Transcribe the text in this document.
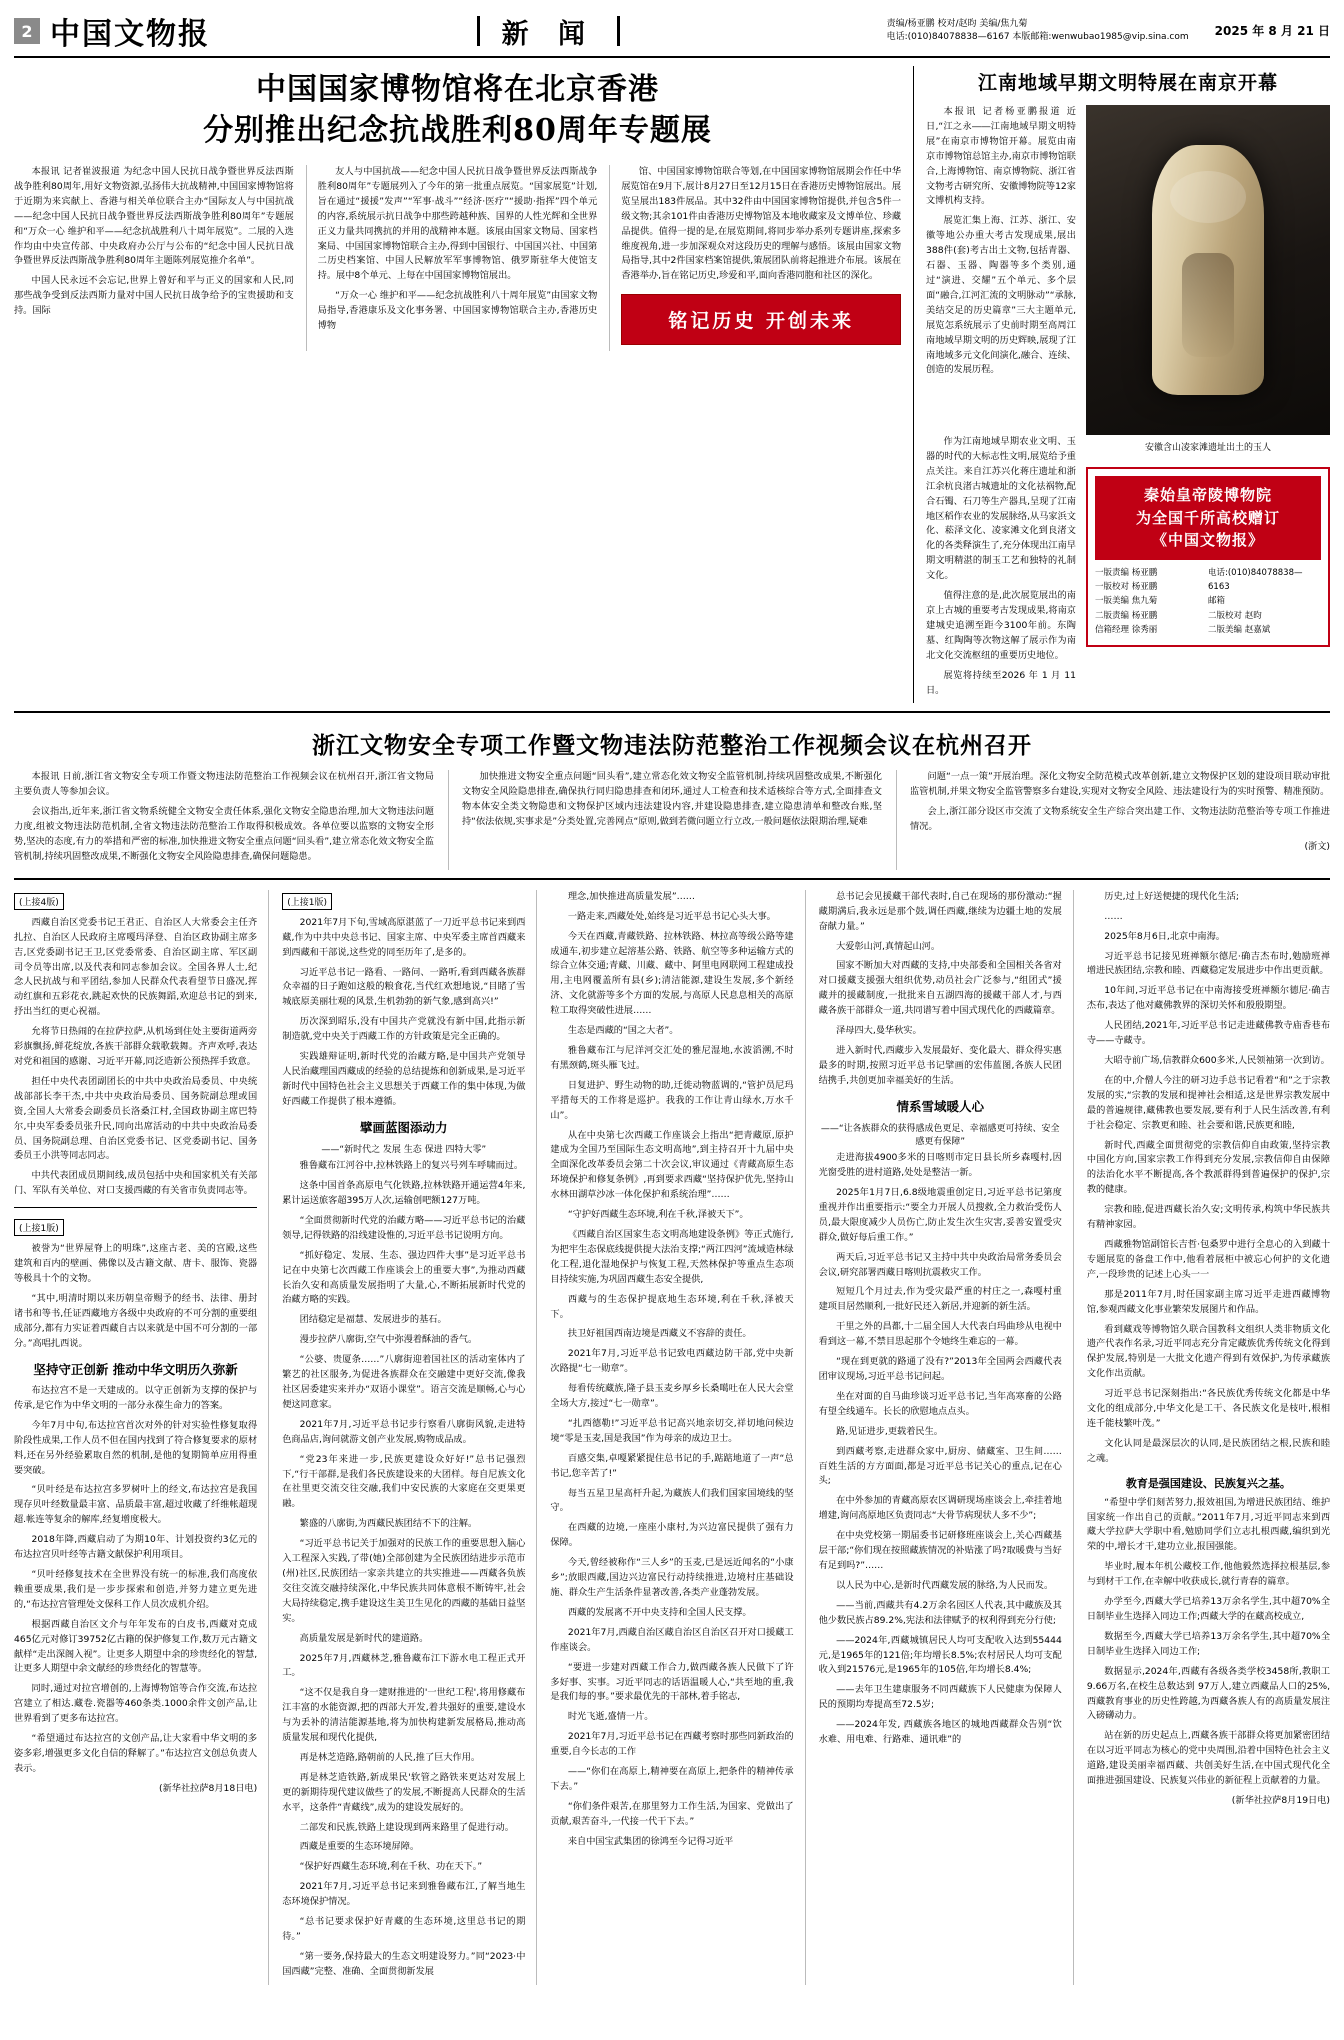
2 中国文物报	新 闻	责编/杨亚鹏 校对/赵昀 美编/焦九菊
电话:(010)84078838—6167 本版邮箱:wenwubao1985@vip.sina.com 2025 年 8 月 21 日
中国国家博物馆将在北京香港
分别推出纪念抗战胜利80周年专题展

本报讯 记者崔波报道 为纪念中国人民抗日战争暨世界反法西斯战争胜利80周年,用好文物资源,弘扬伟大抗战精神,中国国家博物馆将于近期为来宾献上、香港与相关单位联合主办“国际友人与中国抗战——纪念中国人民抗日战争暨世界反法西斯战争胜利80周年”专题展和“万众一心 维护和平——纪念抗战胜利八十周年展览”。二展的入选作均由中央宣传部、中央政府办公厅与公布的“纪念中国人民抗日战争暨世界反法西斯战争胜利80周年主题陈列展览推介名单”。

中国人民永远不会忘记,世界上曾好和平与正义的国家和人民,同那些战争受到反法西斯力量对中国人民抗日战争给予的宝贵援助和支持。国际

友人与中国抗战——纪念中国人民抗日战争暨世界反法西斯战争胜利80周年”专题展列入了今年的第一批重点展览。“国家展览”计划,旨在通过“援援”发声”“军事·战斗”“经济·医疗”“援助·指挥”四个单元的内容,系统展示抗日战争中那些跨越种族、国界的人性光辉和全世界正义力量共同携抗的并用的战精神本题。该展由国家文物局、国家档案局、中国国家博物馆联合主办,得到中国银行、中国国兴社、中国第二历史档案馆、中国人民解放军军事博物馆、俄罗斯驻华大使馆支持。展中8个单元、上每在中国国家博物馆展出。

“万众一心 维护和平——纪念抗战胜利八十周年展览”由国家文物局指导,香港康乐及文化事务署、中国国家博物馆联合主办,香港历史博物

馆、中国国家博物馆联合等划,在中国国家博物馆展期会作任中华展览馆在9月下,展计8月27日至12月15日在香港历史博物馆展出。展览呈展出183件展品。其中32件由中国国家博物馆提供,并包含5件一级文物;其余101件由香港历史博物馆及本地收藏家及文博单位、珍藏品提供。值得一提的是,在展览期间,将同步举办系列专题讲座,探索多维度视角,进一步加深观众对这段历史的理解与感悟。该展由国家文物局指导,其中2件国家档案馆提供,策展团队前将起推进介布展。该展在香港举办,旨在铭记历史,珍爱和平,面向香港同胞和社区的深化。

铭记历史 开创未来
江南地域早期文明特展在南京开幕

本报讯 记者杨亚鹏报道 近日,“江之永――江南地域早期文明特展”在南京市博物馆开幕。展览由南京市博物馆总馆主办,南京市博物馆联合,上海博物馆、南京博物院、浙江省文物考古研究所、安徽博物院等12家文博机构支持。

展览汇集上海、江苏、浙江、安徽等地公办重大考古发现成果,展出388件(套)考古出土文物,包括青器、石器、玉器、陶器等多个类别,通过“演进、交耀”五个单元、多个层面“融合,江河汇流的文明脉动”“承脉,美结交足的历史篇章”三大主题单元,展览怎系统展示了史前时期至高周江南地域早期文明的历史辉映,展现了江南地域多元文化间演化,融合、连续、创造的发展历程。

作为江南地域早期农业文明、玉器的时代的大标志性文明,展览给予重点关注。来自江苏兴化蒋庄遗址和浙江余杭良渚古城遗址的文化祛祸物,配合石镯、石刀等生产器具,呈现了江南地区稻作农业的发展脉络,从马家浜文化、菘泽文化、凌家滩文化到良渚文化的各类释演生了,充分体现出江南早期文明精湛的制玉工艺和独特的礼制文化。

值得注意的是,此次展览展出的南京上古城的重要考古发现成果,将南京建城史追溯至距今3100年前。东陶墓、红陶陶等次物这解了展示作为南北文化交流枢纽的重要历史地位。

展览将持续至2026 年 1 月 11 日。

安徽含山凌家滩遗址出土的玉人
秦始皇帝陵博物院
为全国千所高校赠订
《中国文物报》
一版责编 杨亚鹏
一版校对 杨亚鹏
一版美编 焦九菊
二版责编 杨亚鹏
信箱经理 徐秀丽
电话:(010)84078838—6163
邮箱
二版校对 赵昀
二版美编 赵嘉斌
浙江文物安全专项工作暨文物违法防范整治工作视频会议在杭州召开

本报讯 日前,浙江省文物安全专项工作暨文物违法防范整治工作视频会议在杭州召开,浙江省文物局主要负责人等参加会议。

会议指出,近年来,浙江省文物系统健全文物安全责任体系,强化文物安全隐患治理,加大文物违法问题力度,组被文物违法防范机制,全省文物违法防范整治工作取得积极成效。各单位要以监察的文物安全形势,坚决的态度,有力的举措和严密的标准,加快推进文物安全重点问题“回头看”,建立常态化效文物安全监管机制,持续巩固整改成果,不断强化文物安全风险隐患排查,确保问题隐患。

加快推进文物安全重点问题“回头看”,建立常态化效文物安全监管机制,持续巩固整改成果,不断强化文物安全风险隐患排查,确保执行同归隐患排查和闭环,通过人工检查和技术适核综合等方式,全面排查文物本体安全类文物隐患和文物保护区域内违法建设内容,并建设隐患排查,建立隐患清单和整改台账,坚持“依法依规,实事求是”分类处置,完善网点“原则,做到若微问题立行立改,一般问题依法限期治理,疑难

问题“一点一策”开展治理。深化文物安全防范模式改革创新,建立文物保护区划的建设项目联动审批监管机制,并果文物安全监管警察多台建设,实现对文物安全风险、违法建设行为的实时预警、精准预防。

会上,浙江部分设区市交流了文物系统安全生产综合突出建工作、文物违法防范整治等专项工作推进情况。

(浙文)

(上接4版)

西藏自治区党委书记王君正、自治区人大常委会主任齐扎拉、自治区人民政府主席嘎玛泽登、自治区政协副主席多吉,区党委副书记王卫,区党委常委、自治区副主席、军区副司令员等出席,以及代表和同志参加会议。全国各界人士,纪念人民抗战与和平团结,参加人民群众代表看望节日盛况,挥动红旗和五彩花衣,跳起欢快的民族舞蹈,欢迎总书记的到来,抒出当红的更心祝福。

允将节日热闹的在拉萨拉萨,从机场到住处主要街道两旁彩旗飘扬,鲜花绽放,各族干部群众载歌载舞。齐声欢呼,表达对党和祖国的感谢、习近平开幕,同泛造新公预热挥手致意。

担任中央代表团副团长的中共中央政治局委员、中央统战部部长李干杰,中共中央政治局委员、国务院副总理或国资,全国人大常委会副委员长洛桑江村,全国政协副主席巴特尔,中央军委委员张升民,同向出席活动的中共中央政治局委员、国务院副总理、自治区党委书记、区党委副书记、国务委员王小洪等同志同志。

中共代表团成员期间线,成员包括中央和国家机关有关部门、军队有关单位、对口支援西藏的有关省市负责同志等。

(上接1版)

被誉为“世界屋脊上的明珠”,这座古老、美的宫殿,这些建筑和百内的壁画、佛像以及古籍文献、唐卡、服饰、瓷器等极具十个的文物。

“其中,明清时期以来历朝皇帝赐予的经书、法律、册封诸书和等书,任证西藏地方各级中央政府的不可分割的重要组成部分,都有力实证着西藏自古以来就是中国不可分割的一部分。”高唱扎西说。

坚持守正创新 推动中华文明历久弥新

布达拉宫不是一天建成的。以守正创新为支撑的保护与传承,是它作为中华文明的一部分永葆生命力的答案。

今年7月中旬,布达拉宫首次对外的针对实验性修复取得阶段性成果,工作人员不但在国内找到了符合修复要求的原材料,还在另外经验累取自然的机制,是他的复期简单应用得重要突破。

“贝叶经是布达拉宫多罗树叶上的经文,布达拉宫是我国现存贝叶经数量最丰富、品质最丰富,超过收藏了纤维帐超现超.帐连等复余的解库,经复增度极大。

2018年降,西藏启动了为期10年、计划投资约3亿元的布达拉宫贝叶经等古籍文献保护利用项目。

“贝叶经修复技术在全世界没有统一的标准,我们高度依赖重要成果,我们是一步步探索和创造,并努力建立更先进的,“布达拉宫管理处文保科工作人员次成机介绍。

根据西藏自治区文介与年年发布的白皮书,西藏对克成465亿元对修订39752亿古籍的保护修复工作,数万元古籍文献样“走出深阁入视”。让更多人期望中余的珍贵经化的智慧,让更多人期望中余文献经的珍贵经化的智慧等。

同时,通过对拉宫增创的,上海博物馆等合作交流,布达拉宫建立了相达.藏卷.瓷器等460条类.1000余件文创产品,让世界看到了更多布达拉宫。

“希望通过布达拉宫的文创产品,让大家看中华文明的多姿多彩,增强更多文化自信的释解了。”布达拉宫文创总负责人表示。

(新华社拉萨8月18日电)

(上接1版)

2021年7月下旬,雪域高原湛蓝了一刀近平总书记来到西藏,作为中共中央总书记、国家主席、中央军委主席首西藏来到西藏和干部说,这些党的同至历年了,是多的。

习近平总书记一路看、一路问、一路听,看到西藏各族群众幸福的日子跑如这般的粮食花,当代红欢想地说,“目睹了雪城底原美丽壮观的风景,生机勃勃的新气象,感到高兴!”

历次深到昭乐,没有中国共产党就没有新中国,此指示新制造就,党中央关于西藏工作的方针政策是完全正确的。

实践雄辩证明,新时代党的治藏方略,是中国共产党领导人民治藏理国西藏成的经验的总结提炼和创新成果,是习近平新时代中国特色社会主义思想关于西藏工作的集中体现,为做好西藏工作提供了根本遵循。

擘画蓝图添动力
——“新时代之 发展 生态 保进 四特大零”

雅鲁藏布江河谷中,拉林铁路上的复兴号列车呼啸而过。

这条中国首条高原电气化铁路,拉林铁路开通运营4年来,累计运送旅客超395万人次,运输创吧额127万吨。

“全面贯彻新时代党的治藏方略——习近平总书记的治藏领导,记得铁路的沿线建设惟的,习近平总书记说明方向。

“抓好稳定、发展、生态、强边四件大事”是习近平总书记在中央第七次西藏工作座谈会上的重要大事”,为推动西藏长治久安和高质量发展指明了大量,心,不断拓展新时代党的治藏方略的实践。

团结稳定是福慧、发展进步的基石。

漫步拉萨八廓街,空气中弥漫着酥油的香气。

“公婆、贵厦条……”八廓街迎着国社区的活动室体内了繁艺的社区服务,为促进各族群众在交融建中更好交流,像我社区居委建实来并办“双语小课堂”。语言交流是顺畅,心与心便这同意家。

2021年7月,习近平总书记步行察看八廓街风貌,走进特色商品店,询问就游文创产业发展,购物成品成。

“党23年来进一步,民族更建设众好好!”总书记强烈下,“行干部群,是我们各民族建设来的大团样。每自尼族文化在社里更交流交往交融,我们中安民族的大家庭在交更果更融。

繁盛的八廓街,为西藏民族团结不下的注解。

“习近平总书记关于加强对的民族工作的重要思想入脑心入工程深入实践,了带(她)全部创建为全民族团结进步示范市(州)社区,民族团结一家亲共建立的共实推进——西藏各负族交往交流交融持续深化,中华民族共同体意根不断铸牢,社会大局持续稳定,携手建设这生美卫生见化的西藏的基础日益坚实。

高质量发展是新时代的建道路。

2025年7月,西藏林芝,雅鲁藏布江下游水电工程正式开工。

“这不仅是我自身一建财推进的'一世纪工程',将用修藏布江丰富的水能资源,把的西部大开发,着共强好的重要,建设水与为丢补的清洁能源基地,将为加快构建新发展格局,推动高质量发展和现代化提供,

再是林芝造路,路朝前的人民,推了巨大作用。

再是林芝造铁路,新成果民'软管之路铁来更达对发展上更的新期待现代建议做些了的发展,不断提高人民群众的生活水平，这条件“青藏线”,成为的建设发展好的。

二部发和民族,铁路上建设现到两来路里了促进行动。

西藏是重要的生态环境屏障。

“保护好西藏生态环境,利在千秋、功在天下。”

2021年7月,习近平总书记来到雅鲁藏布江,了解当地生态环境保护情况。

“总书记要求保护好青藏的生态环境,这里总书记的期待。”

“第一要务,保持最大的生态文明建设努力。”同“2023·中国西藏”完整、准确、全面贯彻新发展

理念,加快推进高质量发展”……

一路走来,西藏处处,始终是习近平总书记心头大事。

今天在西藏,青藏铁路、拉林铁路、林拉高等级公路等建成通车,初步建立起溶基公路、铁路、航空等多种运输方式的综合立体交通;青藏、川藏、藏中、阿里电网联网工程建成投用,主电网覆盖所有县(乡);清洁能源,建设生发展,多个新经济、文化就游等多个方面的发展,与高原人民息息相关的高原粒工取得突破性进展……

生态是西藏的“国之大者”。

雅鲁藏布江与尼洋河交汇处的雅尼湿地,水波滔溯,不时有黑颈鹤,斑头雁飞过。

日复进护、野生动物的助,迁徙动物蓝调的,“管护员尼玛平措每天的工作将是巡护。我我的工作让青山绿水,万水千山”。

从在中央第七次西藏工作座谈会上指出“把青藏原,原护建成为全国乃至国际生态文明高地”,到主持召开十九届中央全面深化改革委员会第二十次会议,审议通过《青藏高原生态环境保护和修复条例》,再到要求西藏“坚持保护优先,坚持山水林田湖草沙冰一体化保护和系统治理”……

“守护好西藏生态环境,利在千秋,泽被天下”。

《西藏自治区国家生态文明高地建设条例》等正式施行,为把牢生态保底线提供提大法治支撑;“两江四河”流域造林绿化工程,退化湿地保护与恢复工程,天然林保护等重点生态项目持续实施,为巩固西藏生态安全提供,

西藏与的生态保护提底地生态环境,利在千秋,泽被天下。

扶卫好祖国西南边境是西藏义不容辞的责任。

2021年7月,习近平总书记致电西藏边防干部,党中央新次路提“七一勋章”。

每看传统藏族,隆子县玉麦乡厚乡长桑噶吐在人民大会堂全场大方,接过“七一勋章”。

“扎西德勒!”习近平总书记高兴地亲切交,祥切地问候边境“零是玉麦,国是我国”作为母亲的成边卫士。

百感交集,卓嘎紧紧提住总书记的手,踮踮地道了一声“总书记,您辛苦了!”

每当五星卫星高杆升起,为藏族人们我们国家国境线的坚守。

在西藏的边境,一座座小康村,为兴边富民提供了强有力保障。

今天,曾经被称作“三人乡”的玉麦,已是远近闻名的“小康乡”;放眼西藏,国边兴边富民行动持续推进,边境村庄基础设施、群众生产生活条件显著改善,各类产业蓬勃发展。

西藏的发展离不开中央支持和全国人民支撑。

2021年7月,西藏自治区藏自治区自治区召开对口援藏工作座谈会。

“要进一步建对西藏工作合力,做西藏各族人民做下了许多好事、实事。习近平同志的话语温暖人心,“共至地的重,我是我们每的事。”要求最优先的干部林,着手铭志,

时光飞逝,盛情一片。

2021年7月,习近平总书记在西藏考察时那些同新政治的重要,自今长志的工作

——“你们在高原上,精神要在高原上,把条件的精神传承下去。”

“你们条件艰苦,在那里努力工作生活,为国家、党做出了贡献,艰苦奋斗,一代接一代干下去。”

来自中国宝武集团的徐鸿至今记得习近平

总书记会见援藏干部代表时,自己在现场的那份激动:“握藏期满后,我永远是那个鼓,调任西藏,继续为边疆土地的发展奋献力量。”

大爱彰山河,真情起山河。

国家不断加大对西藏的支持,中央部委和全国相关各省对对口援藏支援强大组织优势,动员社会广泛参与,“组团式”援藏并的援藏制度,一批批来自五湖四海的援藏干部人才,与西藏各族干部群众一道,共同谱写着中国式现代化的西藏篇章。

泽母四大,曼华秋实。

进入新时代,西藏步入发展最好、变化最大、群众得实惠最多的时期,按照习近平总书记擘画的宏伟蓝图,各族人民团结携手,共创更加幸福美好的生活。

情系雪域暖人心
——“让各族群众的获得感成色更足、幸福感更可持续、安全感更有保障”

走进海拔4900多米的日喀则市定日县长所乡森嘎村,因光窗受胜的进村道路,处处是整洁一新。

2025年1月7日,6.8级地震重创定日,习近平总书记第度重视并作出重要指示:“要全力开展人员搜救,全力救治受伤人员,最大限度减少人员伤亡,防止发生次生灾害,妥善安置受灾群众,做好每后重工作。”

两天后,习近平总书记又主持中共中央政治局常务委员会会议,研究部署西藏日喀则抗震救灾工作。

短短几个月过去,作为受灾最严重的村庄之一,森嘎村重建项目居然顺利,一批好民还入新居,并迎新的新生活。

干里之外的昌都,十二届全国人大代表白玛曲珍从电视中看到这一幕,不禁目思起那个令她终生难忘的一幕。

“现在到更就的路通了没有?”2013年全国两会西藏代表团审议现场,习近平总书记问起。

坐在对面的自马曲珍谈习近平总书记,当年高寒畜的公路有望全线通车。长长的欣慰地点点头。

路,见证进步,更载着民生。

到西藏考察,走进群众家中,厨房、储藏室、卫生间……百姓生活的方方面面,都是习近平总书记关心的重点,记在心头;

在中外参加的青藏高原农区调研现场座谈会上,牵挂着地增建,询问高原地区负责同志“大骨节病现状人多不少”;

在中央党校第一期届委书记研修班座谈会上,关心西藏基层干部;“你们现在按照藏族情况的补贴涨了吗?取暖费与当好有足到吗?”……

以人民为中心,是新时代西藏发展的脉络,为人民而发。

——当前,西藏共有4.2万余名园区人代表,其中藏族及其他少数民族占89.2%,宪法和法律赋予的权利得到充分行使;

——2024年,西藏城镇居民人均可支配收入达到55444元,是1965年的121倍;年均增长8.5%;农村居民人均可支配收入到21576元,是1965年的105倍,年均增长8.4%;

——去年卫生建康服务不同西藏族下人民健康为保障人民的预期均寿提高至72.5岁;

——2024年发, 西藏族各地区的城地西藏群众告别“饮水难、用电难、行路难、通讯难”的

历史,过上好送便捷的现代化生活;

……

2025年8月6日,北京中南海。

习近平总书记接见班禅额尔德尼·确吉杰布时,勉励班禅增进民族团结,宗教和睦、西藏稳定发展进步中作出更贡献。

10年间,习近平总书记在中南海接受班禅额尔德尼·确吉杰布,表达了他对藏佛教界的深切关怀和殷殷期望。

人民团结,2021年,习近平总书记走进藏佛教寺庙香巷布寺——寺藏寺。

大昭寺前广场,信教群众600多米,人民领袖第一次到访。

在的中,介僧人今注的研习边手总书记看着“和”之于宗教发展的实,“宗教的发展和提神社会相适,这是世界宗教发展中最的普遍规律,藏佛教也要发展,要有利于人民生活改善,有利于社会稳定、宗教更和睦、社会要和谐,民族更和睦,

新时代,西藏全面贯彻党的宗教信仰自由政策,坚持宗教中国化方向,国家宗教工作得到充分发展,宗教信仰自由保障的法治化水平不断提高,各个教派群得到普遍保护的保护,宗教的健康。

宗教和睦,促进西藏长治久安;文明传承,构筑中华民族共有精神家园。

西藏雅物馆副馆长吉哲·包桑罗中进行全息心的入到藏十专题展览的备盘工作中,他看着展柜中被忘心何护的文化遗产,一段珍贵的记述上心头一一

那是2011年7月,时任国家副主席习近平走进西藏博物馆,参观西藏文化事业繁荣发展图片和作品。

看到藏戏等博物馆久联合国教科文组织人类非物质文化遗产代表作名录,习近平同志充分肯定藏族优秀传统文化得到保护发展,特别是一大批文化遗产得到有效保护,为传承藏族文化作出贡献。

习近平总书记深刻指出:“各民族优秀传统文化都是中华文化的组成部分,中华文化是工干、各民族文化是枝叶,根相连千能枝繁叶茂。”

文化认同是最深层次的认同,是民族团结之根,民族和睦之魂。

教育是强国建设、民族复兴之基。

“希望中学们刻苦努力,报效祖国,为增进民族团结、维护国家统一作出自己的贡献。”2011年7月,习近平同志来到西藏大学拉萨大学职中看,勉励同学们立志扎根西藏,编织到光荣的中,增长才干,建功立业,报国强能。

毕业时,履本年机公藏校工作,他他毅然选择拉根基层,参与到材干工作,在幸解中收获成长,就行青春的篇章。

办学至今,西藏大学已培养13万余名学生,其中超70%全日制毕业生选择入同边工作;西藏大学的在藏高校成立,

数据至今,西藏大学已培养13万余名学生,其中超70%全日制毕业生选择入同边工作;

数据显示,2024年,西藏有各级各类学校3458所,教职工 9.66万名,在校生总数达到 97万人,建立西藏品人口的25%,西藏教育事业的历史性跨越,为西藏各族人有的高质量发展注入磅礴动力。

站在新的历史起点上,西藏各族干部群众将更加紧密团结在以习近平同志为核心的党中央周围,沿着中国特色社会主义道路,建设美丽幸福西藏、共创美好生活,在中国式现代化全面推进强国建设、民族复兴伟业的新征程上贡献着的力量。

(新华社拉萨8月19日电)
